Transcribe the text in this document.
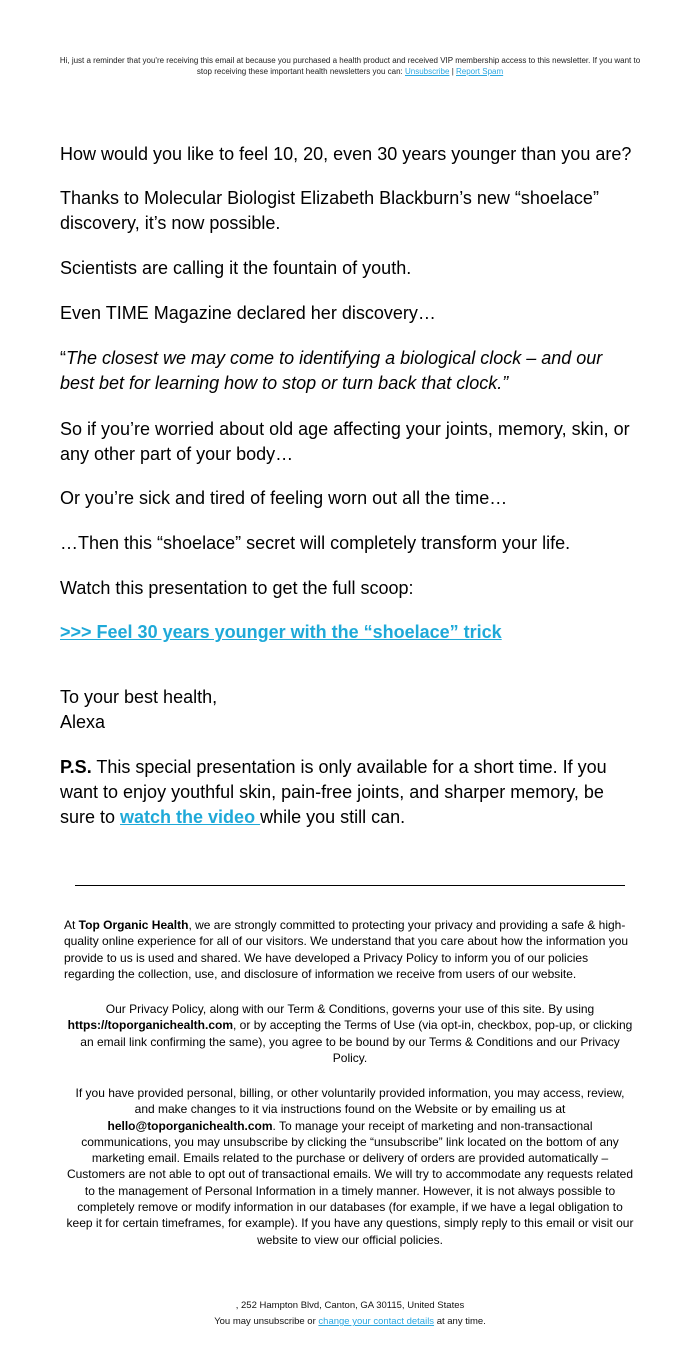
Hi, just a reminder that you're receiving this email at because you purchased a health product and received VIP membership access to this newsletter. If you want to stop receiving these important health newsletters you can: Unsubscribe | Report Spam

How would you like to feel 10, 20, even 30 years younger than you are?

Thanks to Molecular Biologist Elizabeth Blackburn’s new “shoelace” discovery, it’s now possible.

Scientists are calling it the fountain of youth.

Even TIME Magazine declared her discovery…

“The closest we may come to identifying a biological clock – and our best bet for learning how to stop or turn back that clock.”

So if you’re worried about old age affecting your joints, memory, skin, or any other part of your body…

Or you’re sick and tired of feeling worn out all the time…

…Then this “shoelace” secret will completely transform your life.

Watch this presentation to get the full scoop:

>>> Feel 30 years younger with the “shoelace” trick

To your best health,

Alexa

P.S. This special presentation is only available for a short time. If you want to enjoy youthful skin, pain-free joints, and sharper memory, be sure to watch the video while you still can.

At Top Organic Health, we are strongly committed to protecting your privacy and providing a safe & high-quality online experience for all of our visitors. We understand that you care about how the information you provide to us is used and shared. We have developed a Privacy Policy to inform you of our policies regarding the collection, use, and disclosure of information we receive from users of our website.

Our Privacy Policy, along with our Term & Conditions, governs your use of this site. By using https://toporganichealth.com, or by accepting the Terms of Use (via opt-in, checkbox, pop-up, or clicking an email link confirming the same), you agree to be bound by our Terms & Conditions and our Privacy Policy.

If you have provided personal, billing, or other voluntarily provided information, you may access, review, and make changes to it via instructions found on the Website or by emailing us at hello@toporganichealth.com. To manage your receipt of marketing and non-transactional communications, you may unsubscribe by clicking the “unsubscribe” link located on the bottom of any marketing email. Emails related to the purchase or delivery of orders are provided automatically – Customers are not able to opt out of transactional emails. We will try to accommodate any requests related to the management of Personal Information in a timely manner. However, it is not always possible to completely remove or modify information in our databases (for example, if we have a legal obligation to keep it for certain timeframes, for example). If you have any questions, simply reply to this email or visit our website to view our official policies.

, 252 Hampton Blvd, Canton, GA 30115, United States
You may unsubscribe or change your contact details at any time.
